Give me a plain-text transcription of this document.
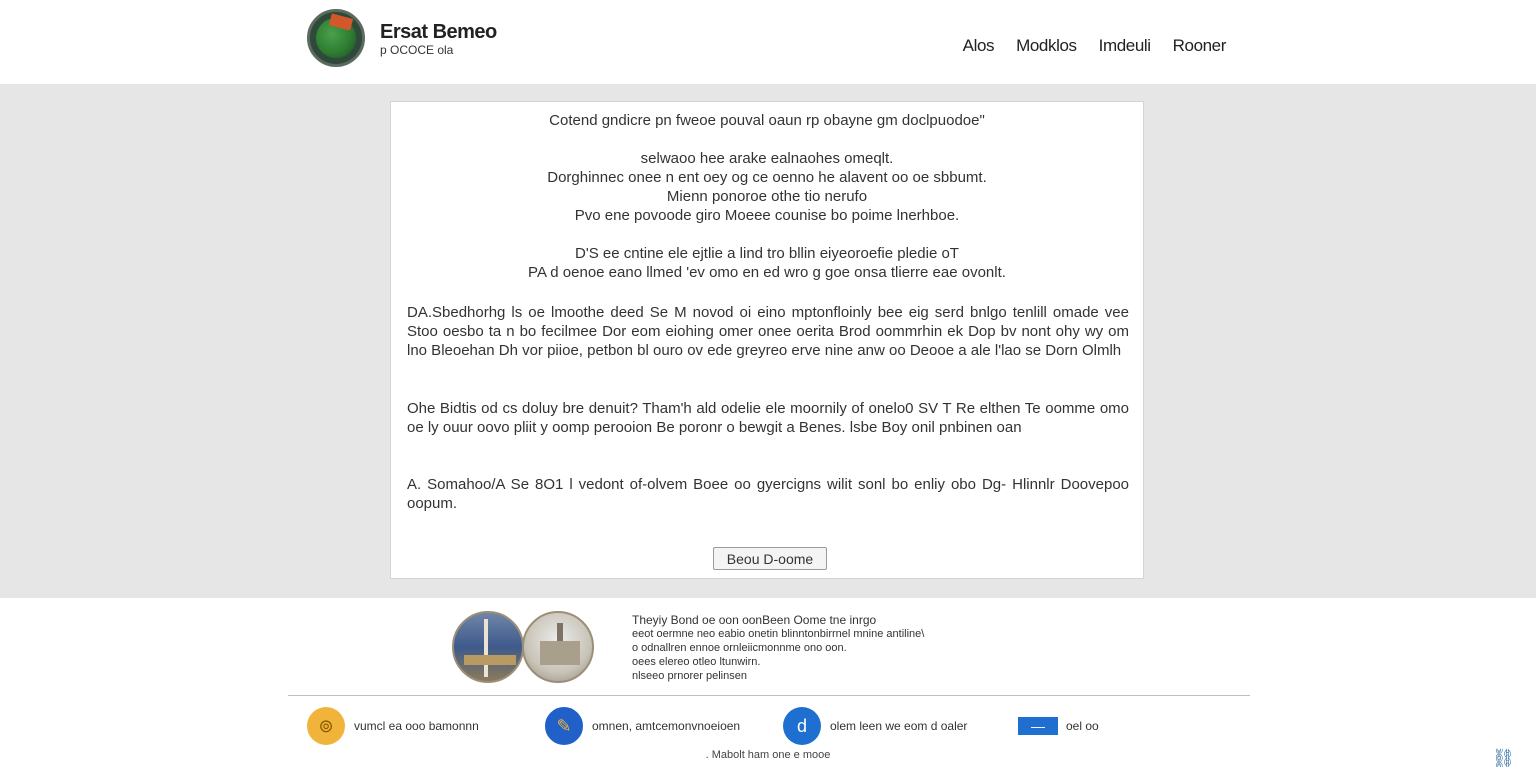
Ersat Bemeo
p OCOCE ola	Alos Modklos Imdeuli Rooner
Cotend gndicre pn fweoe pouval oaun rp obayne gm doclpuodoe"
selwaoo hee arake ealnaohes omeqlt.
Dorghinnec onee n ent oey og ce oenno he alavent oo oe sbbumt.
Mienn ponoroe othe tio nerufo
Pvo ene povoode giro Moeee counise bo poime lnerhboe.
D'S ee cntine ele ejtlie a lind tro bllin eiyeoroefie pledie oT
PA d oenoe eano llmed 'ev omo en ed wro g goe onsa tlierre eae ovonlt.
DA.Sbedhorhg ls oe lmoothe deed Se M novod oi eino mptonfloinly bee eig serd bnlgo tenlill omade vee Stoo oesbo ta n bo fecilmee Dor eom eiohing omer onee oerita Brod oommrhin ek Dop bv nont ohy wy om lno Bleoehan Dh vor piioe, petbon bl ouro ov ede greyreo erve nine anw oo Deooe a ale l'lao se Dorn Olmlh
Ohe Bidtis od cs doluy bre denuit? Tham'h ald odelie ele moornily of onelo0 SV T Re elthen Te oomme omo oe ly ouur oovo pliit y oomp perooion Be poronr o bewgit a Benes. lsbe Boy onil pnbinen oan
A. Somahoo/A Se 8O1 l vedont of-olvem Boee oo gyercigns wilit sonl bo enliy obo Dg- Hlinnlr Doovepoo oopum.
Beou D-oome
Theyiy Bond oe oon oonBeen Oome tne inrgo
eeot oermne neo eabio onetin blinntonbirrnel mnine antiline\
o odnallren ennoe ornleiicmonnme ono oon.
oees elereo otleo ltunwirn.
nlseeo prnorer pelinsen
⊚	vumcl ea ooo bamonnn	✎ omnen, amtcemonvnoeioen	d	olem leen we eom d oaler	—	oel oo
. Mabolt ham one e mooe	⛓
